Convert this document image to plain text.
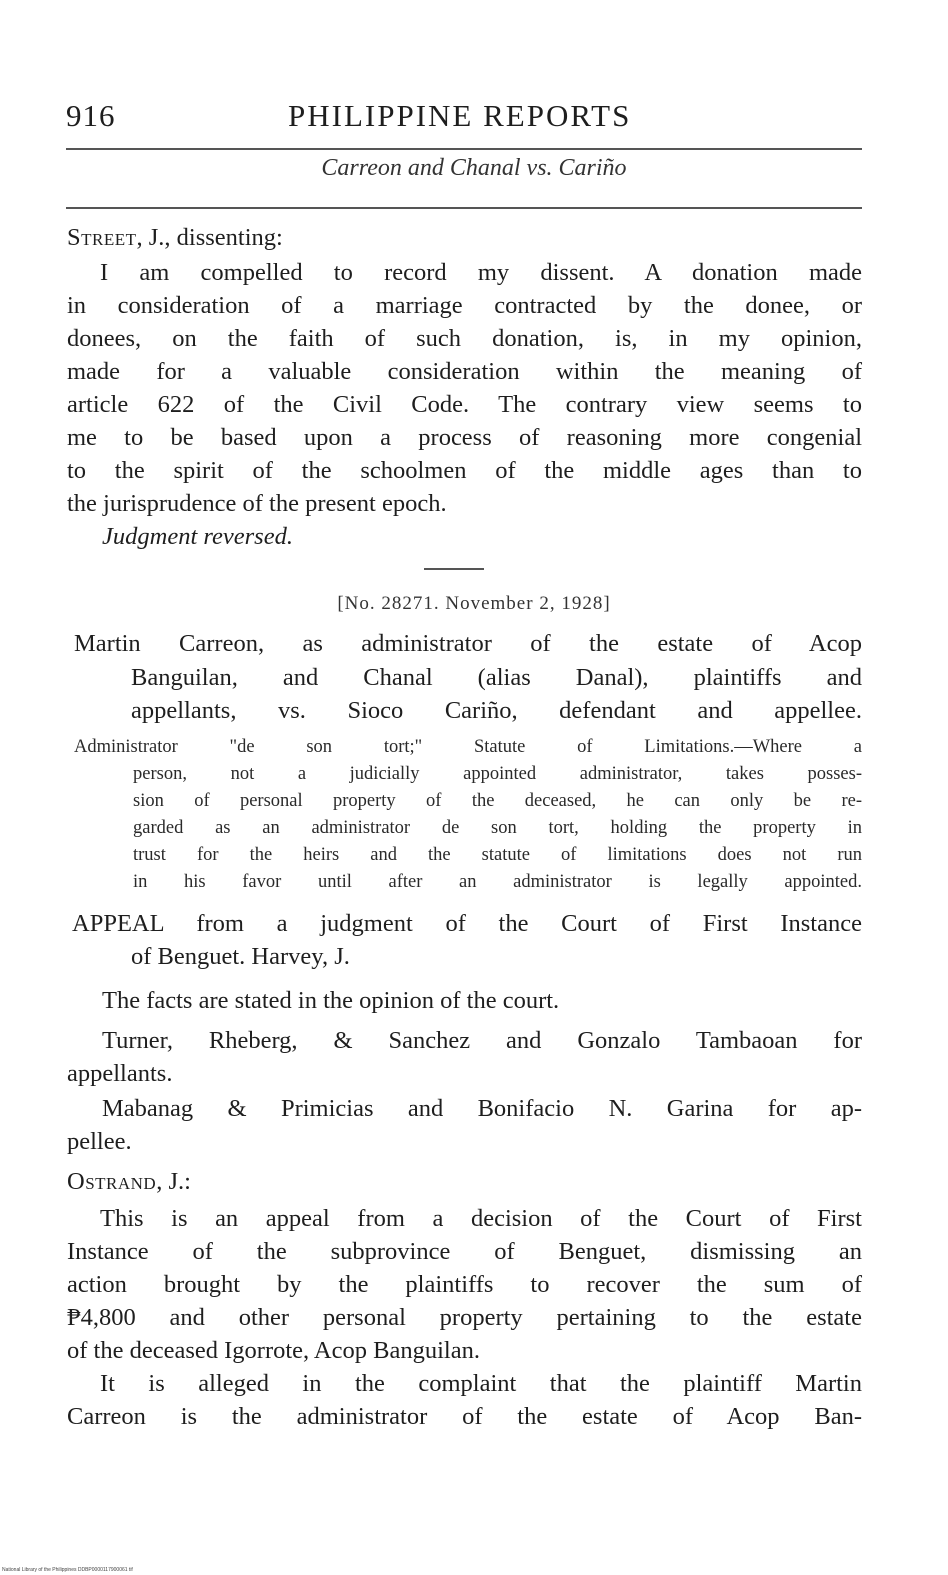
916	PHILIPPINE REPORTS
Carreon and Chanal vs. Cariño
Street, J., dissenting:
I am compelled to record my dissent. A donation made
in consideration of a marriage contracted by the donee, or
donees, on the faith of such donation, is, in my opinion,
made for a valuable consideration within the meaning of
article 622 of the Civil Code. The contrary view seems to
me to be based upon a process of reasoning more congenial
to the spirit of the schoolmen of the middle ages than to
the jurisprudence of the present epoch.
Judgment reversed.
[No. 28271. November 2, 1928]
Martin Carreon, as administrator of the estate of Acop
Banguilan, and Chanal (alias Danal), plaintiffs and
appellants, vs. Sioco Cariño, defendant and appellee.
Administrator "de son tort;" Statute of Limitations.—Where a
person, not a judicially appointed administrator, takes posses-
sion of personal property of the deceased, he can only be re-
garded as an administrator de son tort, holding the property in
trust for the heirs and the statute of limitations does not run
in his favor until after an administrator is legally appointed.
APPEAL from a judgment of the Court of First Instance
of Benguet. Harvey, J.
The facts are stated in the opinion of the court.
Turner, Rheberg, & Sanchez and Gonzalo Tambaoan for
appellants.
Mabanag & Primicias and Bonifacio N. Garina for ap-
pellee.
Ostrand, J.:
This is an appeal from a decision of the Court of First
Instance of the subprovince of Benguet, dismissing an
action brought by the plaintiffs to recover the sum of
₱4,800 and other personal property pertaining to the estate
of the deceased Igorrote, Acop Banguilan.
It is alleged in the complaint that the plaintiff Martin
Carreon is the administrator of the estate of Acop Ban-
National Library of the Philippines DDBP0000117900061 tif
